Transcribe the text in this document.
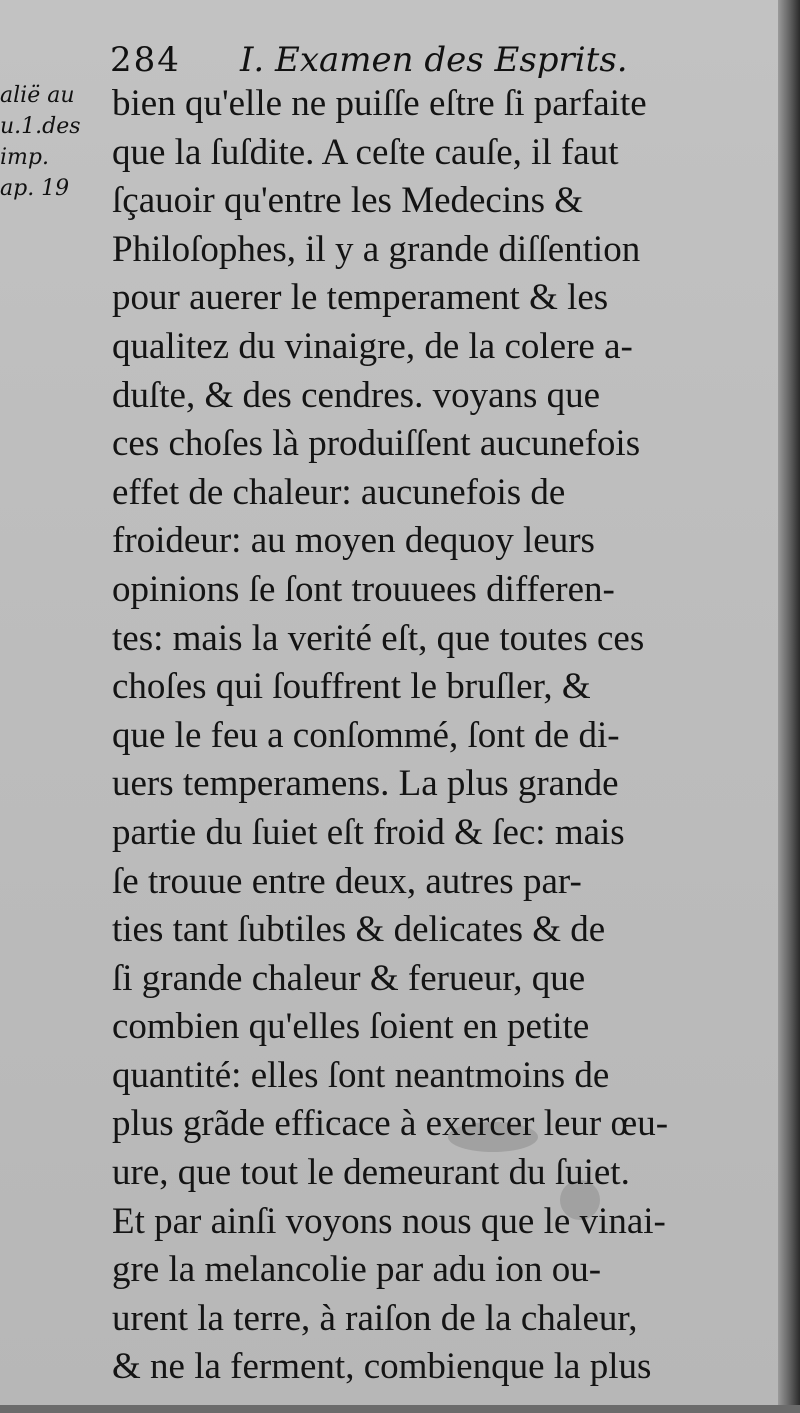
284 I. Examen des Esprits.
alië au
u.1.des
imp.
ap. 19
bien qu'elle ne puiſſe eſtre ſi parfaite
que la ſuſdite. A ceſte cauſe, il faut
ſçauoir qu'entre les Medecins &
Philoſophes, il y a grande diſſention
pour auerer le temperament & les
qualitez du vinaigre, de la colere a-
duſte, & des cendres. voyans que
ces choſes là produiſſent aucunefois
effet de chaleur: aucunefois de
froideur: au moyen dequoy leurs
opinions ſe ſont trouuees differen-
tes: mais la verité eſt, que toutes ces
choſes qui ſouffrent le bruſler, &
que le feu a conſommé, ſont de di-
uers temperamens. La plus grande
partie du ſuiet eſt froid & ſec: mais
ſe trouue entre deux, autres par-
ties tant ſubtiles & delicates & de
ſi grande chaleur & ferueur, que
combien qu'elles ſoient en petite
quantité: elles ſont neantmoins de
plus grãde efficace à exercer leur œu-
ure, que tout le demeurant du ſuiet.
Et par ainſi voyons nous que le vinai-
gre la melancolie par adu ion ou-
urent la terre, à raiſon de la chaleur,
& ne la ferment, combienque la plus
